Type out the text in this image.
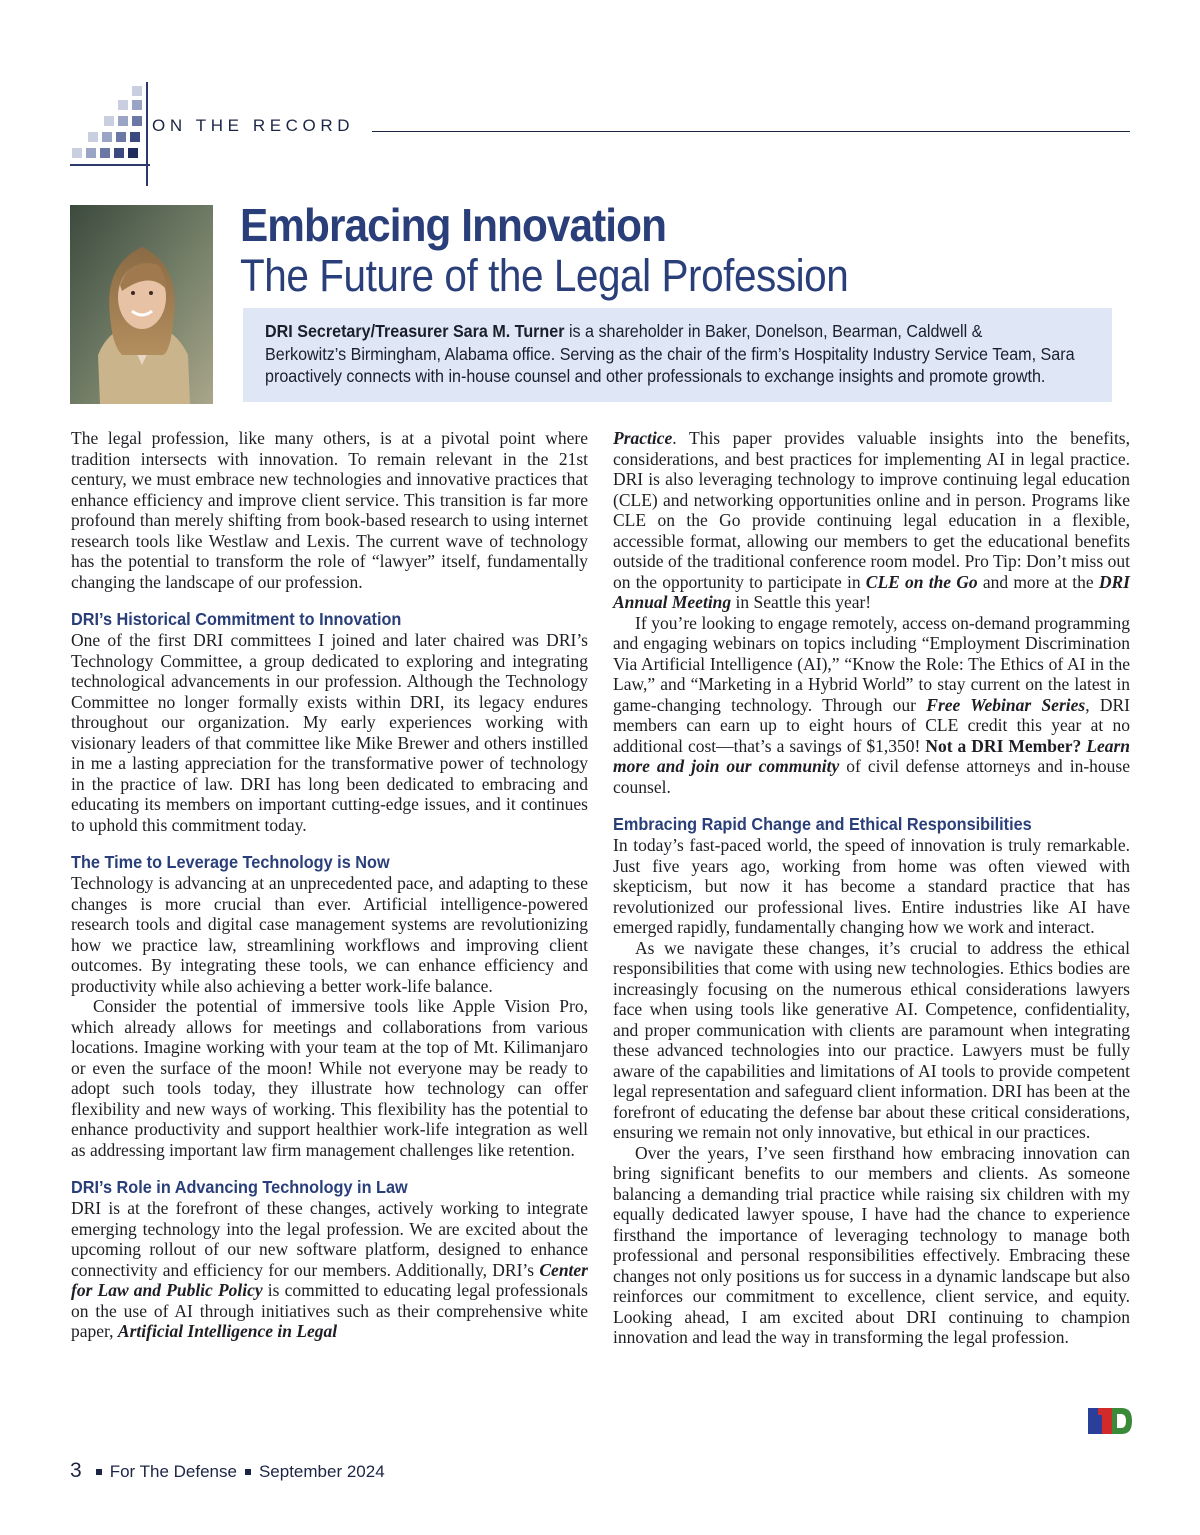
ON THE RECORD
Embracing Innovation
The Future of the Legal Profession
DRI Secretary/Treasurer Sara M. Turner is a shareholder in Baker, Donelson, Bearman, Caldwell &
Berkowitz’s Birmingham, Alabama office. Serving as the chair of the firm’s Hospitality Industry Service Team, Sara
proactively connects with in-house counsel and other professionals to exchange insights and promote growth.

The legal profession, like many others, is at a pivotal point where tradition intersects with innovation. To remain relevant in the 21st century, we must embrace new technologies and innovative practices that enhance efficiency and improve client service. This transition is far more profound than merely shifting from book-based research to using internet research tools like Westlaw and Lexis. The current wave of technology has the potential to transform the role of “lawyer” itself, fundamentally changing the landscape of our profession.

DRI’s Historical Commitment to Innovation

One of the first DRI committees I joined and later chaired was DRI’s Technology Committee, a group dedicated to exploring and integrating technological advancements in our profession. Although the Technology Committee no longer formally exists within DRI, its legacy endures throughout our organization. My early experiences working with visionary leaders of that committee like Mike Brewer and others instilled in me a lasting appreciation for the transformative power of technology in the practice of law. DRI has long been dedicated to embracing and educating its members on important cutting-edge issues, and it continues to uphold this commitment today.

The Time to Leverage Technology is Now

Technology is advancing at an unprecedented pace, and adapting to these changes is more crucial than ever. Artificial intelligence-powered research tools and digital case management systems are revolutionizing how we practice law, streamlining workflows and improving client outcomes. By integrating these tools, we can enhance efficiency and productivity while also achieving a better work-life balance.

Consider the potential of immersive tools like Apple Vision Pro, which already allows for meetings and collaborations from various locations. Imagine working with your team at the top of Mt. Kilimanjaro or even the surface of the moon! While not everyone may be ready to adopt such tools today, they illustrate how technology can offer flexibility and new ways of working. This flexibility has the potential to enhance productivity and support healthier work-life integration as well as addressing important law firm management challenges like retention.

DRI’s Role in Advancing Technology in Law

DRI is at the forefront of these changes, actively working to integrate emerging technology into the legal profession. We are excited about the upcoming rollout of our new software platform, designed to enhance connectivity and efficiency for our members. Additionally, DRI’s Center for Law and Public Policy is committed to educating legal professionals on the use of AI through initiatives such as their comprehensive white paper, Artificial Intelligence in Legal

Practice. This paper provides valuable insights into the benefits, considerations, and best practices for implementing AI in legal practice. DRI is also leveraging technology to improve continuing legal education (CLE) and networking opportunities online and in person. Programs like CLE on the Go provide continuing legal education in a flexible, accessible format, allowing our members to get the educational benefits outside of the traditional conference room model. Pro Tip: Don’t miss out on the opportunity to participate in CLE on the Go and more at the DRI Annual Meeting in Seattle this year!

If you’re looking to engage remotely, access on-demand programming and engaging webinars on topics including “Employment Discrimination Via Artificial Intelligence (AI),” “Know the Role: The Ethics of AI in the Law,” and “Marketing in a Hybrid World” to stay current on the latest in game-changing technology. Through our Free Webinar Series, DRI members can earn up to eight hours of CLE credit this year at no additional cost—that’s a savings of $1,350! Not a DRI Member? Learn more and join our community of civil defense attorneys and in-house counsel.

Embracing Rapid Change and Ethical Responsibilities

In today’s fast-paced world, the speed of innovation is truly remarkable. Just five years ago, working from home was often viewed with skepticism, but now it has become a standard practice that has revolutionized our professional lives. Entire industries like AI have emerged rapidly, fundamentally changing how we work and interact.

As we navigate these changes, it’s crucial to address the ethical responsibilities that come with using new technologies. Ethics bodies are increasingly focusing on the numerous ethical considerations lawyers face when using tools like generative AI. Competence, confidentiality, and proper communication with clients are paramount when integrating these advanced technologies into our practice. Lawyers must be fully aware of the capabilities and limitations of AI tools to provide competent legal representation and safeguard client information. DRI has been at the forefront of educating the defense bar about these critical considerations, ensuring we remain not only innovative, but ethical in our practices.

Over the years, I’ve seen firsthand how embracing innovation can bring significant benefits to our members and clients. As someone balancing a demanding trial practice while raising six children with my equally dedicated lawyer spouse, I have had the chance to experience firsthand the importance of leveraging technology to manage both professional and personal responsibilities effectively. Embracing these changes not only positions us for success in a dynamic landscape but also reinforces our commitment to excellence, client service, and equity. Looking ahead, I am excited about DRI continuing to champion innovation and lead the way in transforming the legal profession.

3 For The Defense September 2024
